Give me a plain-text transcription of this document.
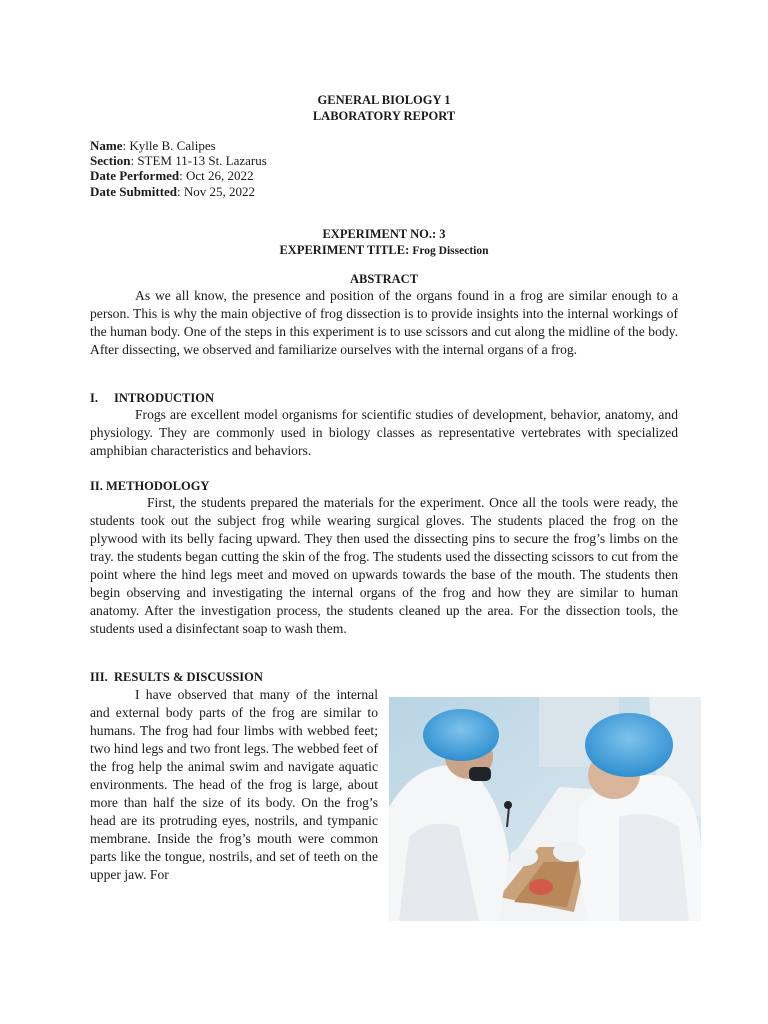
GENERAL BIOLOGY 1
LABORATORY REPORT
Name: Kylle B. Calipes
Section: STEM 11-13 St. Lazarus
Date Performed: Oct 26, 2022
Date Submitted: Nov 25, 2022
EXPERIMENT NO.: 3
EXPERIMENT TITLE: Frog Dissection
ABSTRACT

As we all know, the presence and position of the organs found in a frog are similar enough to a person. This is why the main objective of frog dissection is to provide insights into the internal workings of the human body. One of the steps in this experiment is to use scissors and cut along the midline of the body. After dissecting, we observed and familiarize ourselves with the internal organs of a frog.

I. INTRODUCTION

Frogs are excellent model organisms for scientific studies of development, behavior, anatomy, and physiology. They are commonly used in biology classes as representative vertebrates with specialized amphibian characteristics and behaviors.

II. METHODOLOGY

First, the students prepared the materials for the experiment. Once all the tools were ready, the students took out the subject frog while wearing surgical gloves. The students placed the frog on the plywood with its belly facing upward. They then used the dissecting pins to secure the frog’s limbs on the tray. the students began cutting the skin of the frog. The students used the dissecting scissors to cut from the point where the hind legs meet and moved on upwards towards the base of the mouth. The students then begin observing and investigating the internal organs of the frog and how they are similar to human anatomy. After the investigation process, the students cleaned up the area. For the dissection tools, the students used a disinfectant soap to wash them.

III. RESULTS & DISCUSSION

I have observed that many of the internal and external body parts of the frog are similar to humans. The frog had four limbs with webbed feet; two hind legs and two front legs. The webbed feet of the frog help the animal swim and navigate aquatic environments. The head of the frog is large, about more than half the size of its body. On the frog’s head are its protruding eyes, nostrils, and tympanic membrane. Inside the frog’s mouth were common parts like the tongue, nostrils, and set of teeth on the upper jaw. For
